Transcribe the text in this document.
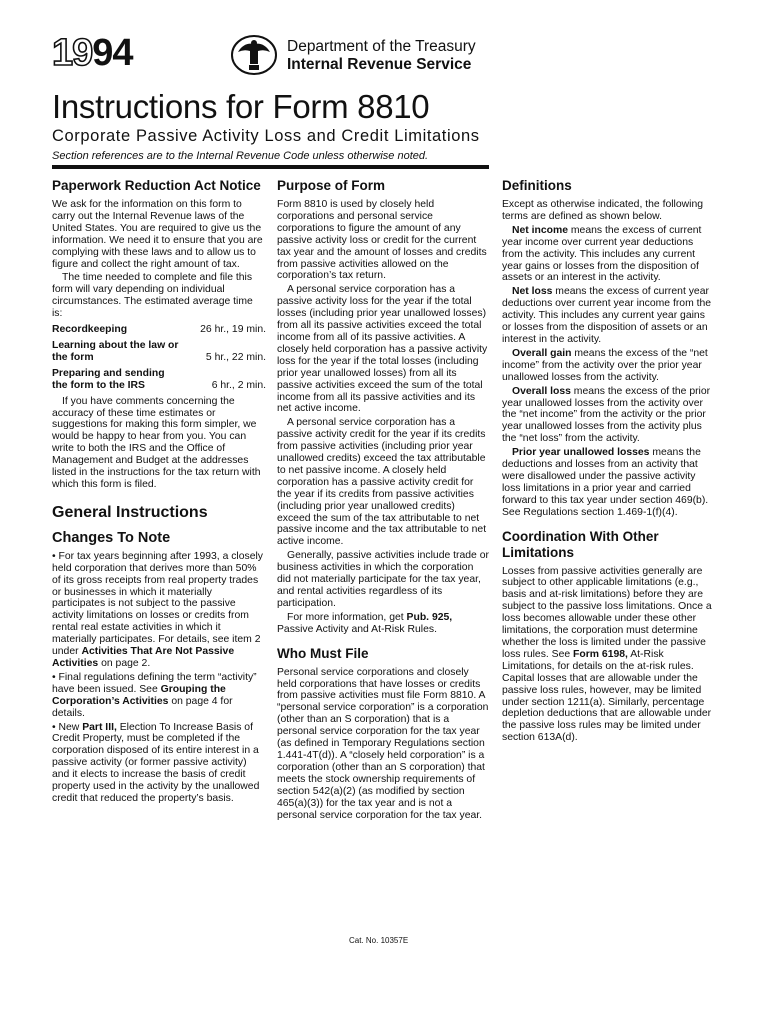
1994	Department of the Treasury
Internal Revenue Service
Instructions for Form 8810
Corporate Passive Activity Loss and Credit Limitations
Section references are to the Internal Revenue Code unless otherwise noted.
Paperwork Reduction Act Notice

We ask for the information on this form to carry out the Internal Revenue laws of the United States. You are required to give us the information. We need it to ensure that you are complying with these laws and to allow us to figure and collect the right amount of tax.

The time needed to complete and file this form will vary depending on individual circumstances. The estimated average time is:

Recordkeeping	26 hr., 19 min.
Learning about the law or the form	5 hr., 22 min.
Preparing and sending the form to the IRS	6 hr., 2 min.

If you have comments concerning the accuracy of these time estimates or suggestions for making this form simpler, we would be happy to hear from you. You can write to both the IRS and the Office of Management and Budget at the addresses listed in the instructions for the tax return with which this form is filed.

General Instructions
Changes To Note

• For tax years beginning after 1993, a closely held corporation that derives more than 50% of its gross receipts from real property trades or businesses in which it materially participates is not subject to the passive activity limitations on losses or credits from rental real estate activities in which it materially participates. For details, see item 2 under Activities That Are Not Passive Activities on page 2.

• Final regulations defining the term “activity” have been issued. See Grouping the Corporation’s Activities on page 4 for details.

• New Part III, Election To Increase Basis of Credit Property, must be completed if the corporation disposed of its entire interest in a passive activity (or former passive activity) and it elects to increase the basis of credit property used in the activity by the unallowed credit that reduced the property’s basis.

Purpose of Form

Form 8810 is used by closely held corporations and personal service corporations to figure the amount of any passive activity loss or credit for the current tax year and the amount of losses and credits from passive activities allowed on the corporation’s tax return.

A personal service corporation has a passive activity loss for the year if the total losses (including prior year unallowed losses) from all its passive activities exceed the total income from all of its passive activities. A closely held corporation has a passive activity loss for the year if the total losses (including prior year unallowed losses) from all its passive activities exceed the sum of the total income from all its passive activities and its net active income.

A personal service corporation has a passive activity credit for the year if its credits from passive activities (including prior year unallowed credits) exceed the tax attributable to net passive income. A closely held corporation has a passive activity credit for the year if its credits from passive activities (including prior year unallowed credits) exceed the sum of the tax attributable to net passive income and the tax attributable to net active income.

Generally, passive activities include trade or business activities in which the corporation did not materially participate for the tax year, and rental activities regardless of its participation.

For more information, get Pub. 925, Passive Activity and At-Risk Rules.

Who Must File

Personal service corporations and closely held corporations that have losses or credits from passive activities must file Form 8810. A “personal service corporation” is a corporation (other than an S corporation) that is a personal service corporation for the tax year (as defined in Temporary Regulations section 1.441-4T(d)). A “closely held corporation” is a corporation (other than an S corporation) that meets the stock ownership requirements of section 542(a)(2) (as modified by section 465(a)(3)) for the tax year and is not a personal service corporation for the tax year.

Definitions

Except as otherwise indicated, the following terms are defined as shown below.

Net income means the excess of current year income over current year deductions from the activity. This includes any current year gains or losses from the disposition of assets or an interest in the activity.

Net loss means the excess of current year deductions over current year income from the activity. This includes any current year gains or losses from the disposition of assets or an interest in the activity.

Overall gain means the excess of the “net income” from the activity over the prior year unallowed losses from the activity.

Overall loss means the excess of the prior year unallowed losses from the activity over the “net income” from the activity or the prior year unallowed losses from the activity plus the “net loss” from the activity.

Prior year unallowed losses means the deductions and losses from an activity that were disallowed under the passive activity loss limitations in a prior year and carried forward to this tax year under section 469(b). See Regulations section 1.469-1(f)(4).

Coordination With Other Limitations

Losses from passive activities generally are subject to other applicable limitations (e.g., basis and at-risk limitations) before they are subject to the passive loss limitations. Once a loss becomes allowable under these other limitations, the corporation must determine whether the loss is limited under the passive loss rules. See Form 6198, At-Risk Limitations, for details on the at-risk rules. Capital losses that are allowable under the passive loss rules, however, may be limited under section 1211(a). Similarly, percentage depletion deductions that are allowable under the passive loss rules may be limited under section 613A(d).

Cat. No. 10357E
